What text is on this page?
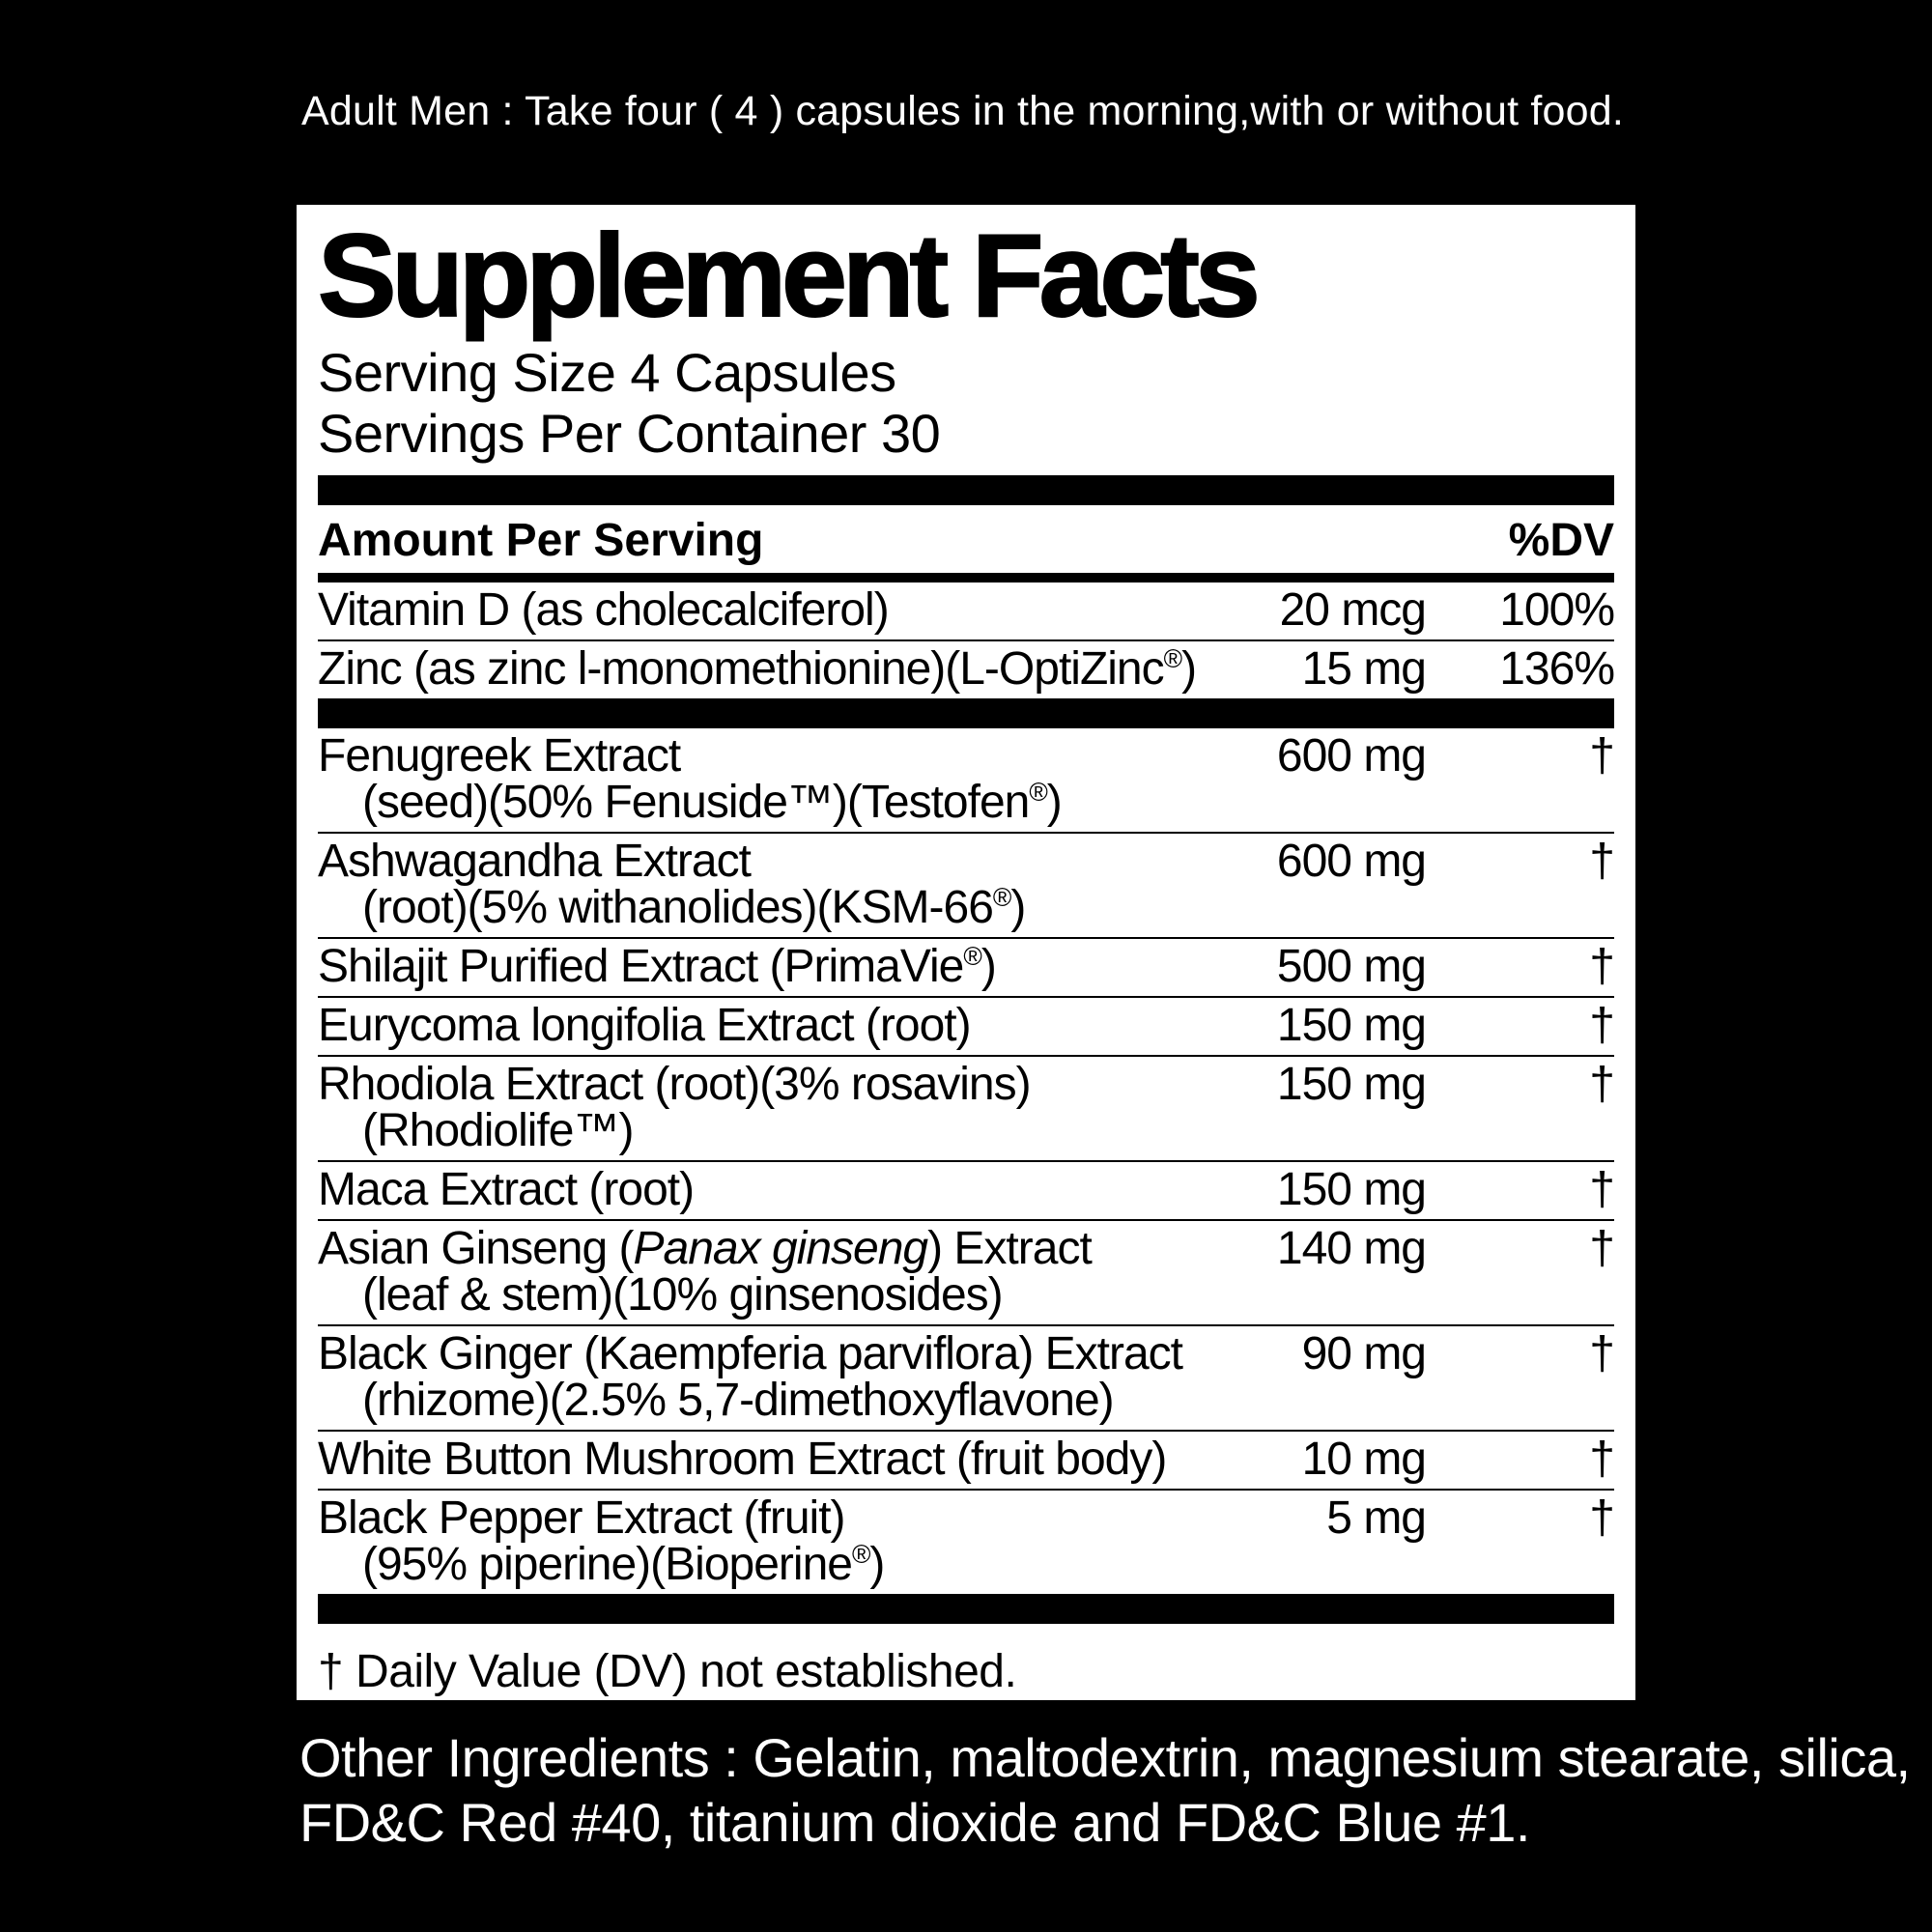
Adult Men : Take four ( 4 ) capsules in the morning,with or without food.
Supplement Facts
Serving Size 4 Capsules
Servings Per Container 30
Amount Per Serving	%DV
Vitamin D (as cholecalciferol)	20 mcg	100%
Zinc (as zinc l-monomethionine)(L-OptiZinc®)	15 mg	136%
Fenugreek Extract
(seed)(50% Fenuside™)(Testofen®)
600 mg	†
Ashwagandha Extract
(root)(5% withanolides)(KSM-66®)
600 mg	†
Shilajit Purified Extract (PrimaVie®)	500 mg	†
Eurycoma longifolia Extract (root)	150 mg	†
Rhodiola Extract (root)(3% rosavins)
(Rhodiolife™)
150 mg	†
Maca Extract (root)	150 mg	†
Asian Ginseng (Panax ginseng) Extract
(leaf & stem)(10% ginsenosides)
140 mg	†
Black Ginger (Kaempferia parviflora) Extract
(rhizome)(2.5% 5,7-dimethoxyflavone)
90 mg	†
White Button Mushroom Extract (fruit body)	10 mg	†
Black Pepper Extract (fruit)
(95% piperine)(Bioperine®)
5 mg	†
† Daily Value (DV) not established.
Other Ingredients : Gelatin, maltodextrin, magnesium stearate, silica,
FD&C Red #40, titanium dioxide and FD&C Blue #1.
